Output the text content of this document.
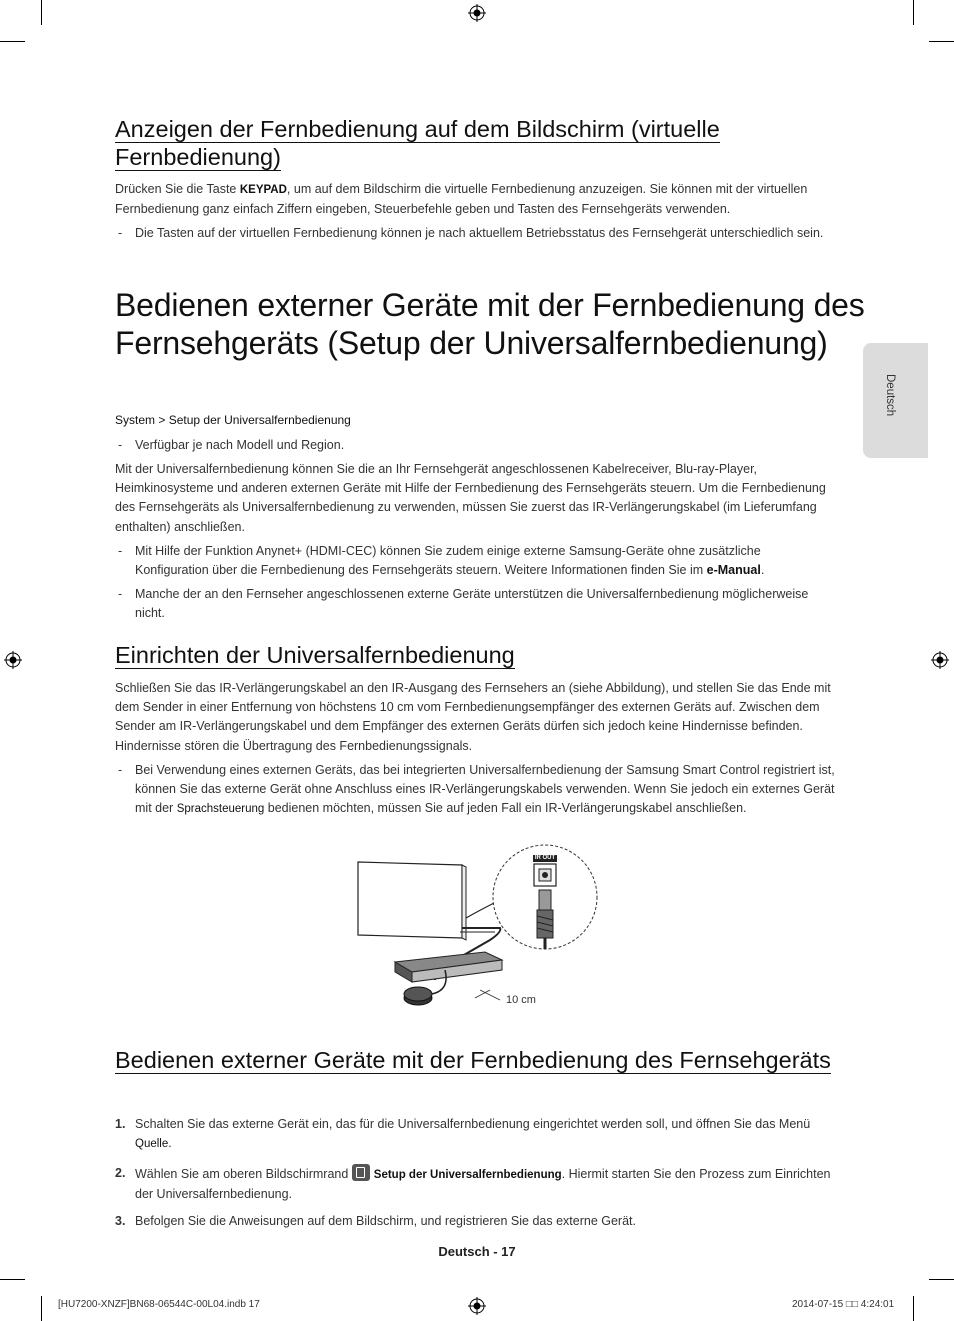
Deutsch
Anzeigen der Fernbedienung auf dem Bildschirm (virtuelle Fernbedienung)

Drücken Sie die Taste KEYPAD, um auf dem Bildschirm die virtuelle Fernbedienung anzuzeigen. Sie können mit der virtuellen Fernbedienung ganz einfach Ziffern eingeben, Steuerbefehle geben und Tasten des Fernsehgeräts verwenden.

- Die Tasten auf der virtuellen Fernbedienung können je nach aktuellem Betriebsstatus des Fernsehgerät unterschiedlich sein.
Bedienen externer Geräte mit der Fernbedienung des Fernsehgeräts (Setup der Universalfernbedienung)
System > Setup der Universalfernbedienung
- Verfügbar je nach Modell und Region.

Mit der Universalfernbedienung können Sie die an Ihr Fernsehgerät angeschlossenen Kabelreceiver, Blu-ray-Player, Heimkinosysteme und anderen externen Geräte mit Hilfe der Fernbedienung des Fernsehgeräts steuern. Um die Fernbedienung des Fernsehgeräts als Universalfernbedienung zu verwenden, müssen Sie zuerst das IR-Verlängerungskabel (im Lieferumfang enthalten) anschließen.

- Mit Hilfe der Funktion Anynet+ (HDMI-CEC) können Sie zudem einige externe Samsung-Geräte ohne zusätzliche Konfiguration über die Fernbedienung des Fernsehgeräts steuern. Weitere Informationen finden Sie im e-Manual.
- Manche der an den Fernseher angeschlossenen externe Geräte unterstützen die Universalfernbedienung möglicherweise nicht.
Einrichten der Universalfernbedienung

Schließen Sie das IR-Verlängerungskabel an den IR-Ausgang des Fernsehers an (siehe Abbildung), und stellen Sie das Ende mit dem Sender in einer Entfernung von höchstens 10 cm vom Fernbedienungsempfänger des externen Geräts auf. Zwischen dem Sender am IR-Verlängerungskabel und dem Empfänger des externen Geräts dürfen sich jedoch keine Hindernisse befinden. Hindernisse stören die Übertragung des Fernbedienungssignals.

- Bei Verwendung eines externen Geräts, das bei integrierten Universalfernbedienung der Samsung Smart Control registriert ist, können Sie das externe Gerät ohne Anschluss eines IR-Verlängerungskabels verwenden. Wenn Sie jedoch ein externes Gerät mit der Sprachsteuerung bedienen möchten, müssen Sie auf jeden Fall ein IR-Verlängerungskabel anschließen.
IR OUT
10 cm
Bedienen externer Geräte mit der Fernbedienung des Fernsehgeräts
1. Schalten Sie das externe Gerät ein, das für die Universalfernbedienung eingerichtet werden soll, und öffnen Sie das Menü Quelle.
2. Wählen Sie am oberen Bildschirmrand
Setup der Universalfernbedienung. Hiermit starten Sie den Prozess zum Einrichten der Universalfernbedienung.
3. Befolgen Sie die Anweisungen auf dem Bildschirm, und registrieren Sie das externe Gerät.
Deutsch - 17
[HU7200-XNZF]BN68-06544C-00L04.indb 17	2014-07-15 □□ 4:24:01
